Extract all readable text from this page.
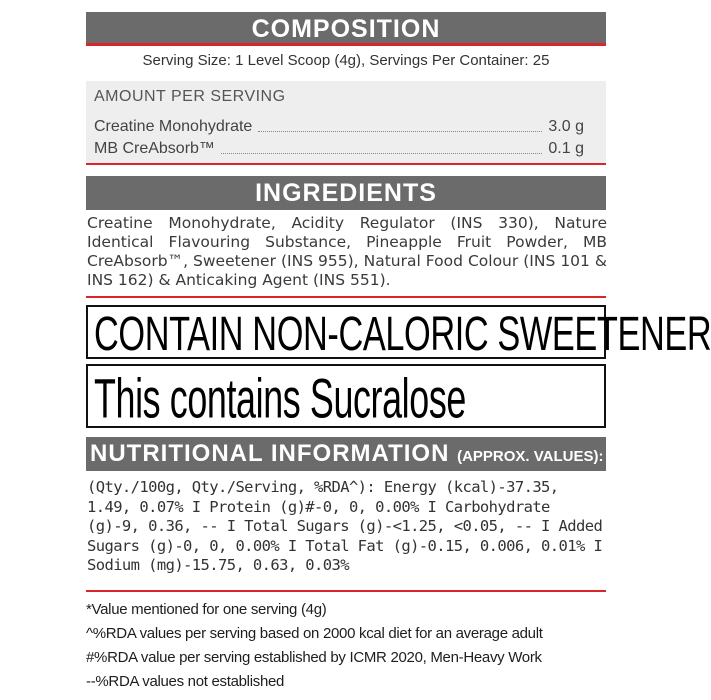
COMPOSITION
Serving Size: 1 Level Scoop (4g), Servings Per Container: 25
AMOUNT PER SERVING
Creatine Monohydrate	3.0 g
MB CreAbsorb™	0.1 g
INGREDIENTS
Creatine Monohydrate, Acidity Regulator (INS 330), Nature Identical Flavouring Substance, Pineapple Fruit Powder, MB CreAbsorb™, Sweetener (INS 955), Natural Food Colour (INS 101 & INS 162) & Anticaking Agent (INS 551).
CONTAIN NON-CALORIC SWEETENER
This contains Sucralose
NUTRITIONAL INFORMATION (APPROX. VALUES):
(Qty./100g, Qty./Serving, %RDA^): Energy (kcal)-37.35, 1.49, 0.07% I Protein (g)#-0, 0, 0.00% I Carbohydrate (g)-9, 0.36, -- I Total Sugars (g)-<1.25, <0.05, -- I Added Sugars (g)-0, 0, 0.00% I Total Fat (g)-0.15, 0.006, 0.01% I Sodium (mg)-15.75, 0.63, 0.03%
*Value mentioned for one serving (4g)
^%RDA values per serving based on 2000 kcal diet for an average adult
#%RDA value per serving established by ICMR 2020, Men-Heavy Work
--%RDA values not established
